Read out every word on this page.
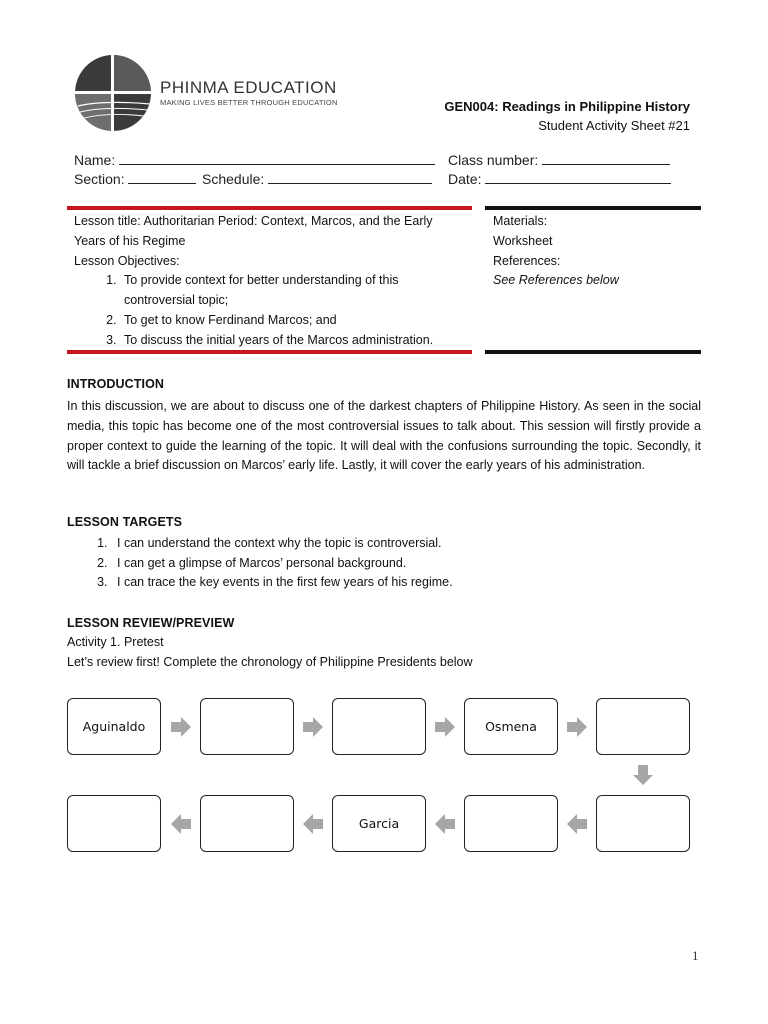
PHINMA EDUCATION
MAKING LIVES BETTER THROUGH EDUCATION	GEN004: Readings in Philippine History
Student Activity Sheet #21
Name:	Class number:
Section:	Schedule:	Date:
Lesson title: Authoritarian Period: Context, Marcos, and the Early
Years of his Regime
Lesson Objectives:
1. To provide context for better understanding of this controversial topic;
2. To get to know Ferdinand Marcos; and
3. To discuss the initial years of the Marcos administration.
Materials:
Worksheet
References:
See References below
INTRODUCTION
In this discussion, we are about to discuss one of the darkest chapters of Philippine History. As seen in the social media, this topic has become one of the most controversial issues to talk about. This session will firstly provide a proper context to guide the learning of the topic. It will deal with the confusions surrounding the topic. Secondly, it will tackle a brief discussion on Marcos’ early life. Lastly, it will cover the early years of his administration.
LESSON TARGETS
1. I can understand the context why the topic is controversial.
2. I can get a glimpse of Marcos’ personal background.
3. I can trace the key events in the first few years of his regime.
LESSON REVIEW/PREVIEW
Activity 1. Pretest
Let’s review first! Complete the chronology of Philippine Presidents below
Aguinaldo	Osmena
Garcia
1
